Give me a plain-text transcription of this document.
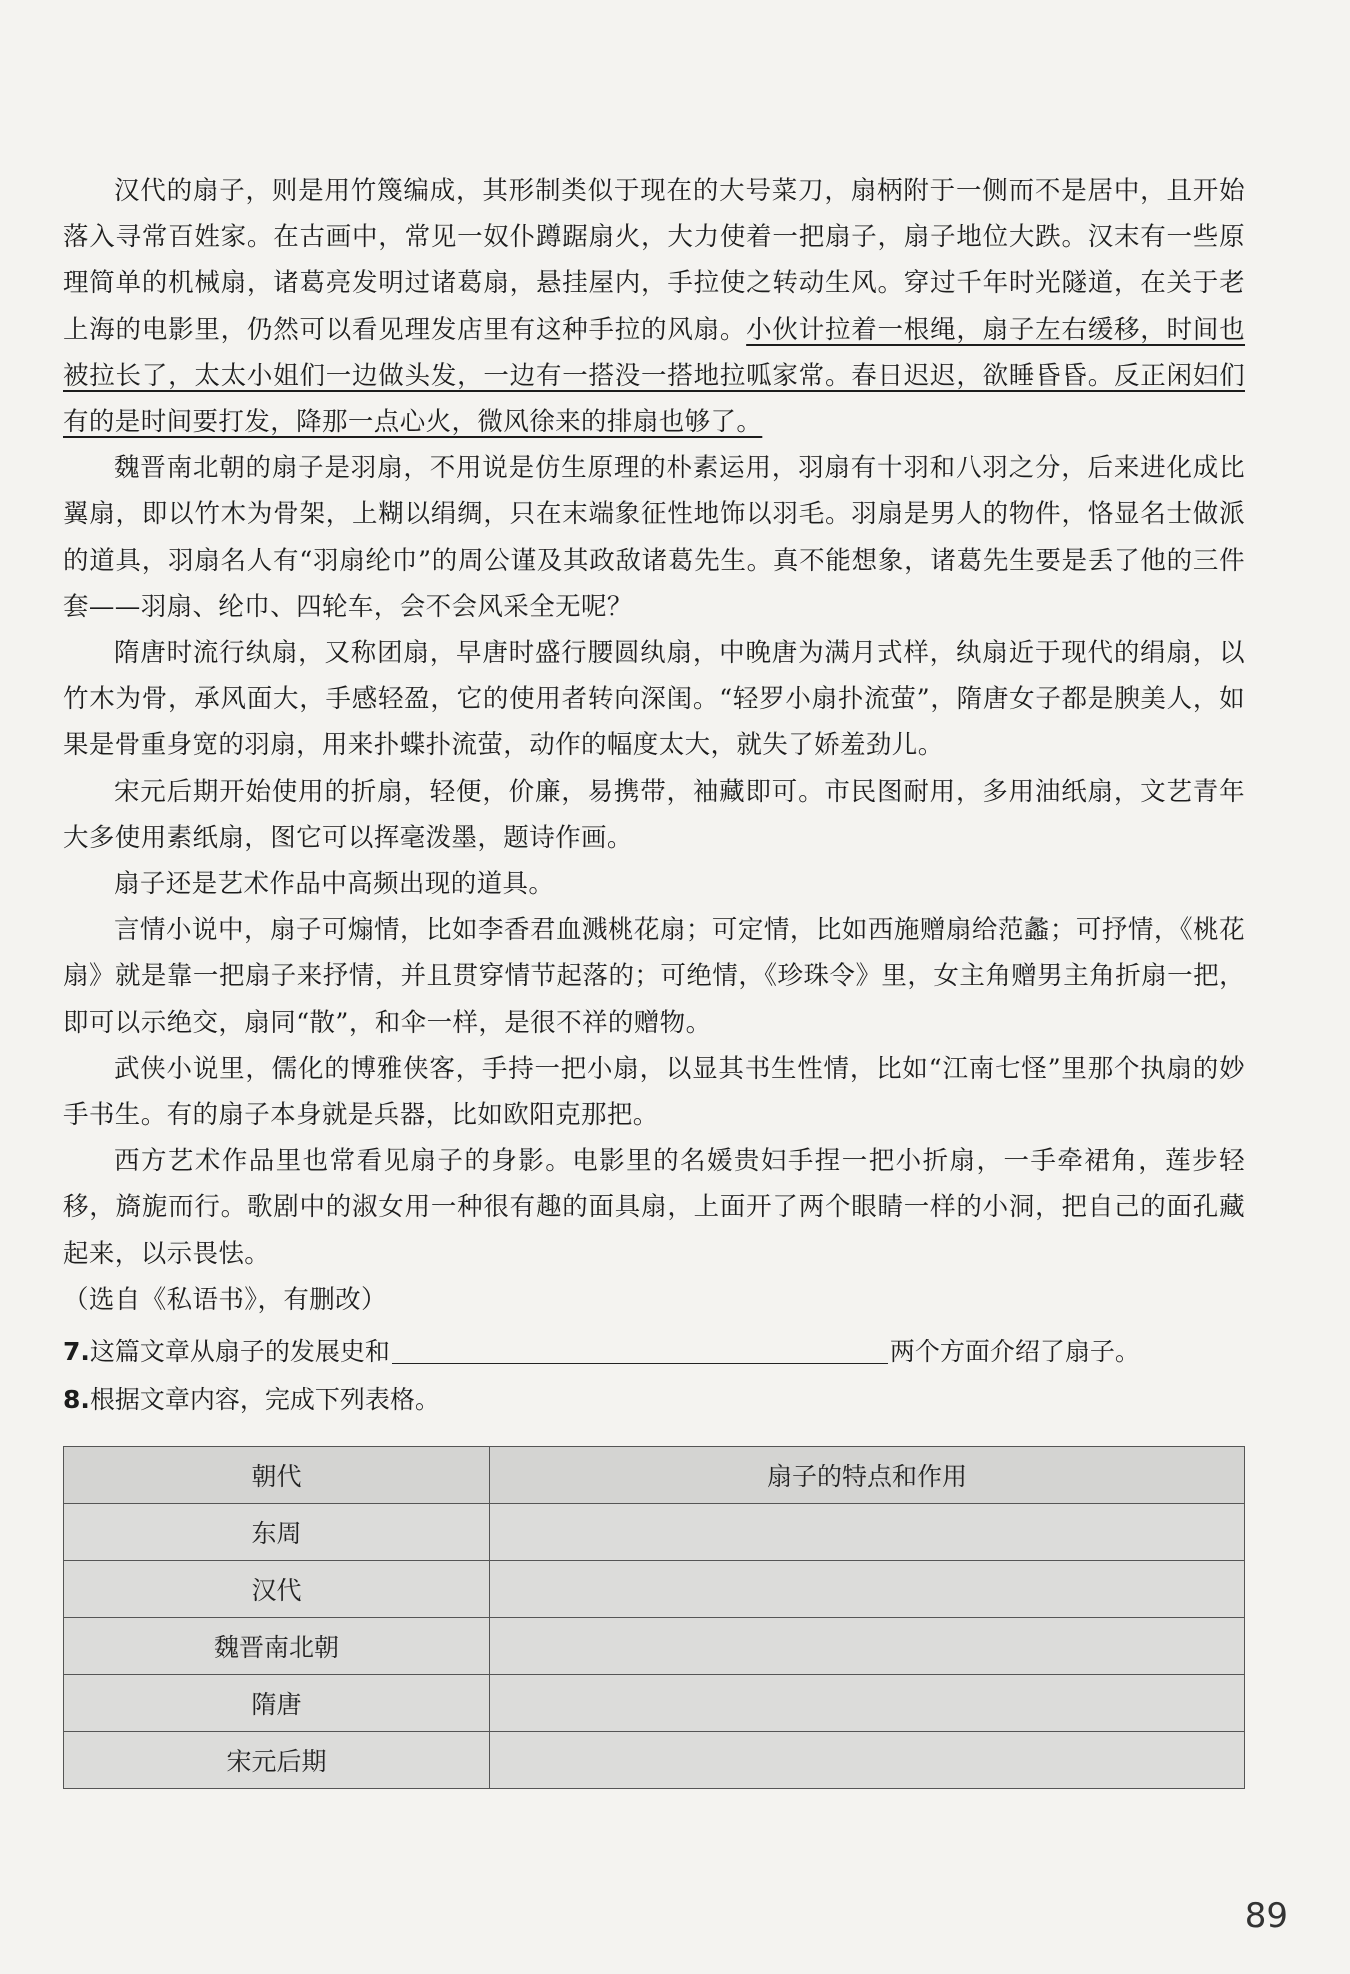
汉代的扇子，则是用竹篾编成，其形制类似于现在的大号菜刀，扇柄附于一侧而不是居中，且开始落入寻常百姓家。在古画中，常见一奴仆蹲踞扇火，大力使着一把扇子，扇子地位大跌。汉末有一些原理简单的机械扇，诸葛亮发明过诸葛扇，悬挂屋内，手拉使之转动生风。穿过千年时光隧道，在关于老上海的电影里，仍然可以看见理发店里有这种手拉的风扇。小伙计拉着一根绳，扇子左右缓移，时间也被拉长了，太太小姐们一边做头发，一边有一搭没一搭地拉呱家常。春日迟迟，欲睡昏昏。反正闲妇们有的是时间要打发，降那一点心火，微风徐来的排扇也够了。

魏晋南北朝的扇子是羽扇，不用说是仿生原理的朴素运用，羽扇有十羽和八羽之分，后来进化成比翼扇，即以竹木为骨架，上糊以绢绸，只在末端象征性地饰以羽毛。羽扇是男人的物件，恪显名士做派的道具，羽扇名人有“羽扇纶巾”的周公谨及其政敌诸葛先生。真不能想象，诸葛先生要是丢了他的三件套——羽扇、纶巾、四轮车，会不会风采全无呢？

隋唐时流行纨扇，又称团扇，早唐时盛行腰圆纨扇，中晚唐为满月式样，纨扇近于现代的绢扇，以竹木为骨，承风面大，手感轻盈，它的使用者转向深闺。“轻罗小扇扑流萤”，隋唐女子都是腴美人，如果是骨重身宽的羽扇，用来扑蝶扑流萤，动作的幅度太大，就失了娇羞劲儿。

宋元后期开始使用的折扇，轻便，价廉，易携带，袖藏即可。市民图耐用，多用油纸扇，文艺青年大多使用素纸扇，图它可以挥毫泼墨，题诗作画。

扇子还是艺术作品中高频出现的道具。

言情小说中，扇子可煽情，比如李香君血溅桃花扇；可定情，比如西施赠扇给范蠡；可抒情，《桃花扇》就是靠一把扇子来抒情，并且贯穿情节起落的；可绝情，《珍珠令》里，女主角赠男主角折扇一把，即可以示绝交，扇同“散”，和伞一样，是很不祥的赠物。

武侠小说里，儒化的博雅侠客，手持一把小扇，以显其书生性情，比如“江南七怪”里那个执扇的妙手书生。有的扇子本身就是兵器，比如欧阳克那把。

西方艺术作品里也常看见扇子的身影。电影里的名媛贵妇手捏一把小折扇，一手牵裙角，莲步轻移，旖旎而行。歌剧中的淑女用一种很有趣的面具扇，上面开了两个眼睛一样的小洞，把自己的面孔藏起来，以示畏怯。

（选自《私语书》，有删改）

7.这篇文章从扇子的发展史和	两个方面介绍了扇子。
8.根据文章内容，完成下列表格。
朝代	扇子的特点和作用
东周	
汉代	
魏晋南北朝	
隋唐	
宋元后期	
89
